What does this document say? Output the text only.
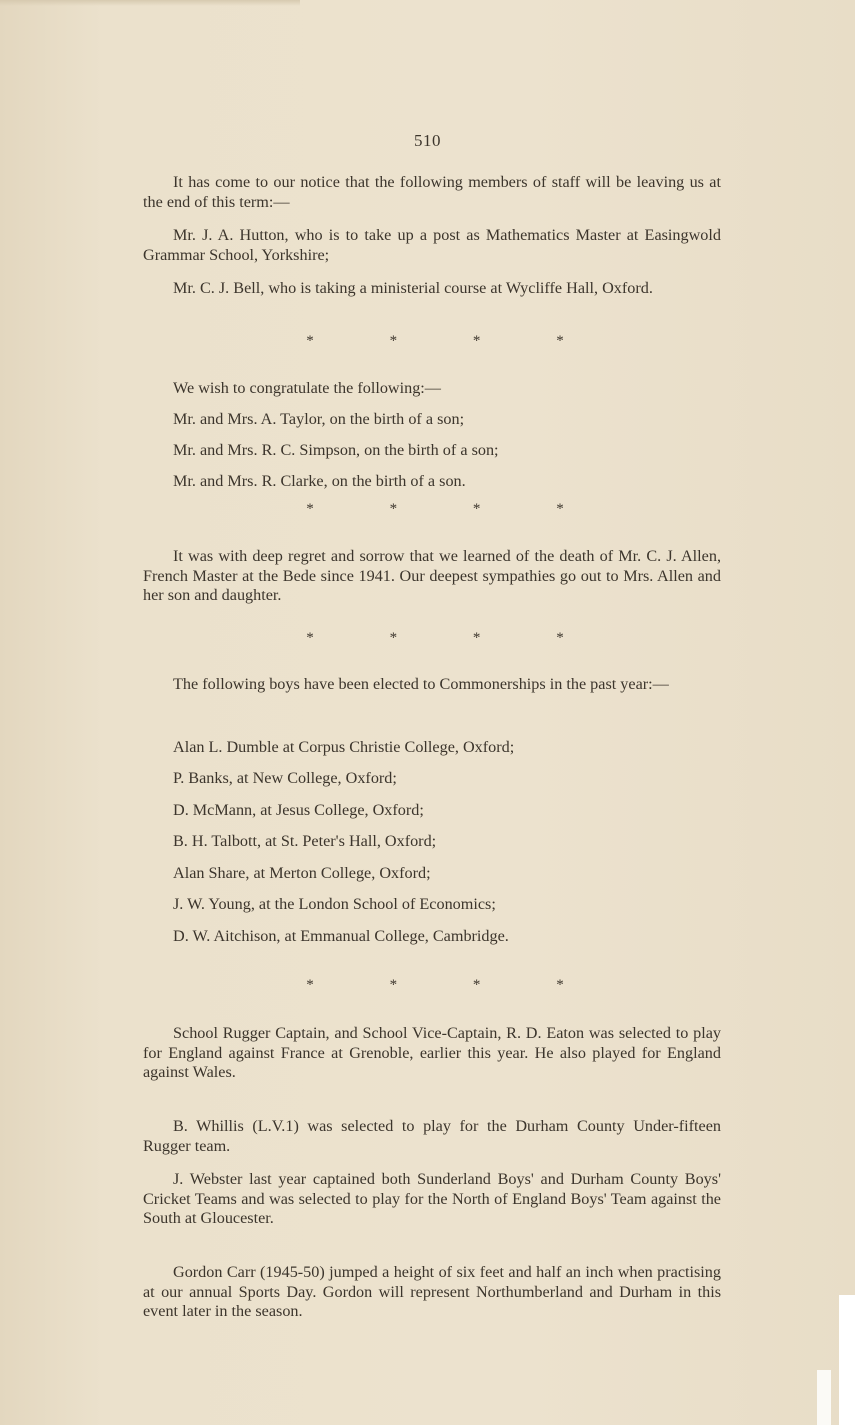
510

It has come to our notice that the following members of staff will be leaving us at the end of this term:—

Mr. J. A. Hutton, who is to take up a post as Mathematics Master at Easingwold Grammar School, Yorkshire;

Mr. C. J. Bell, who is taking a ministerial course at Wycliffe Hall, Oxford.

*	*	*	*

We wish to congratulate the following:—

Mr. and Mrs. A. Taylor, on the birth of a son;

Mr. and Mrs. R. C. Simpson, on the birth of a son;

Mr. and Mrs. R. Clarke, on the birth of a son.

*	*	*	*

It was with deep regret and sorrow that we learned of the death of Mr. C. J. Allen, French Master at the Bede since 1941. Our deepest sympathies go out to Mrs. Allen and her son and daughter.

*	*	*	*

The following boys have been elected to Commonerships in the past year:—

Alan L. Dumble at Corpus Christie College, Oxford;

P. Banks, at New College, Oxford;

D. McMann, at Jesus College, Oxford;

B. H. Talbott, at St. Peter's Hall, Oxford;

Alan Share, at Merton College, Oxford;

J. W. Young, at the London School of Economics;

D. W. Aitchison, at Emmanual College, Cambridge.

*	*	*	*

School Rugger Captain, and School Vice-Captain, R. D. Eaton was selected to play for England against France at Grenoble, earlier this year. He also played for England against Wales.

B. Whillis (L.V.1) was selected to play for the Durham County Under-fifteen Rugger team.

J. Webster last year captained both Sunderland Boys' and Durham County Boys' Cricket Teams and was selected to play for the North of England Boys' Team against the South at Gloucester.

Gordon Carr (1945-50) jumped a height of six feet and half an inch when practising at our annual Sports Day. Gordon will represent Northumberland and Durham in this event later in the season.
